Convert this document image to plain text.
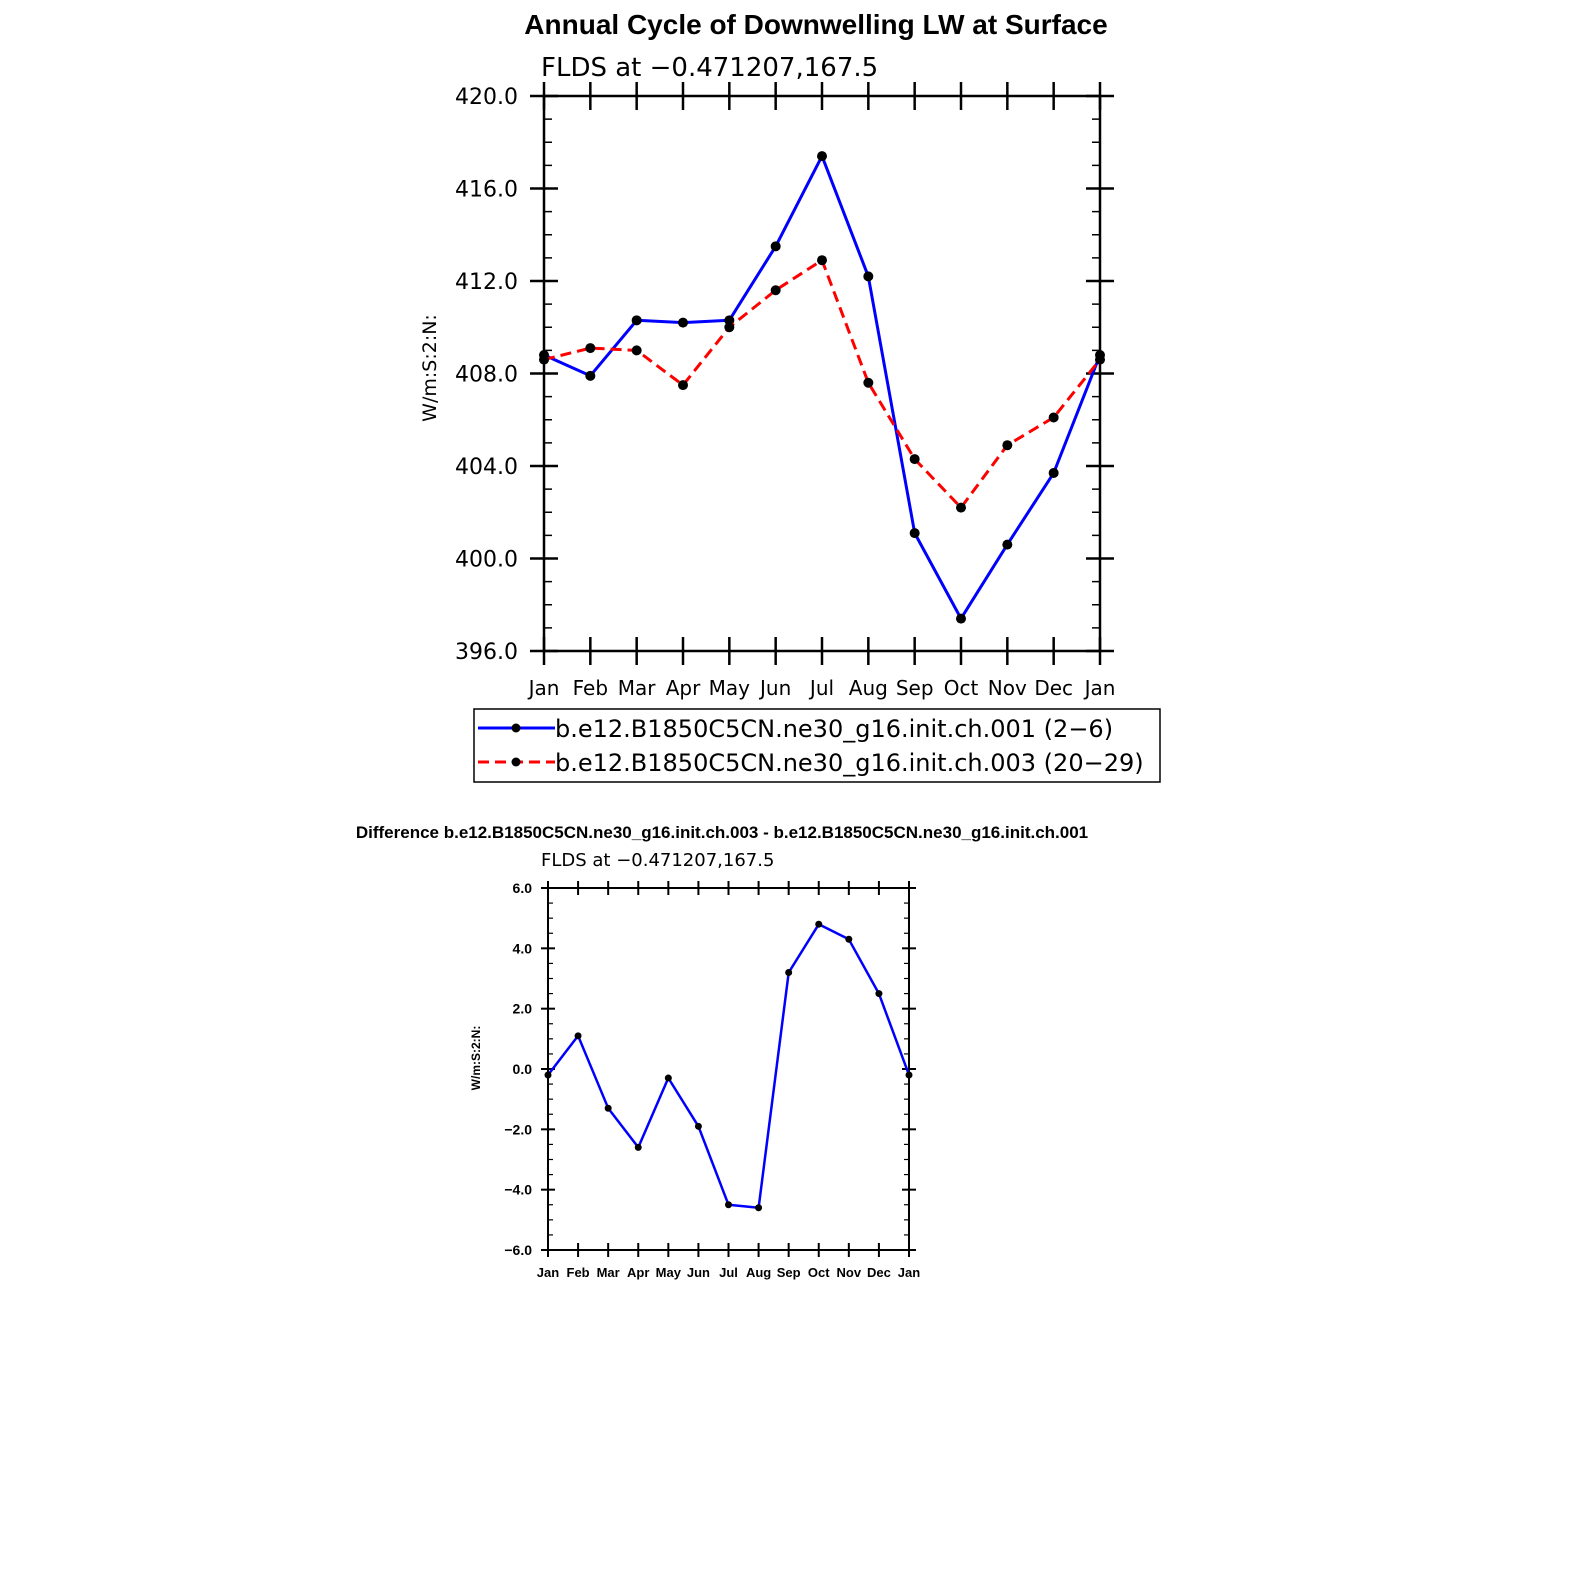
Annual Cycle of Downwelling LW at Surface
FLDS at −0.471207,167.5
W/m:S:2:N:
396.0
400.0
404.0
408.0
412.0
416.0
420.0
Jan Feb Mar Apr May Jun Jul Aug Sep Oct Nov Dec Jan
b.e12.B1850C5CN.ne30_g16.init.ch.001 (2−6)
b.e12.B1850C5CN.ne30_g16.init.ch.003 (20−29)
Difference b.e12.B1850C5CN.ne30_g16.init.ch.003 - b.e12.B1850C5CN.ne30_g16.init.ch.001
FLDS at −0.471207,167.5
W/m:S:2:N:
−6.0
−4.0
−2.0
0.0
2.0
4.0
6.0
Jan Feb Mar Apr May Jun Jul Aug Sep Oct Nov Dec Jan
